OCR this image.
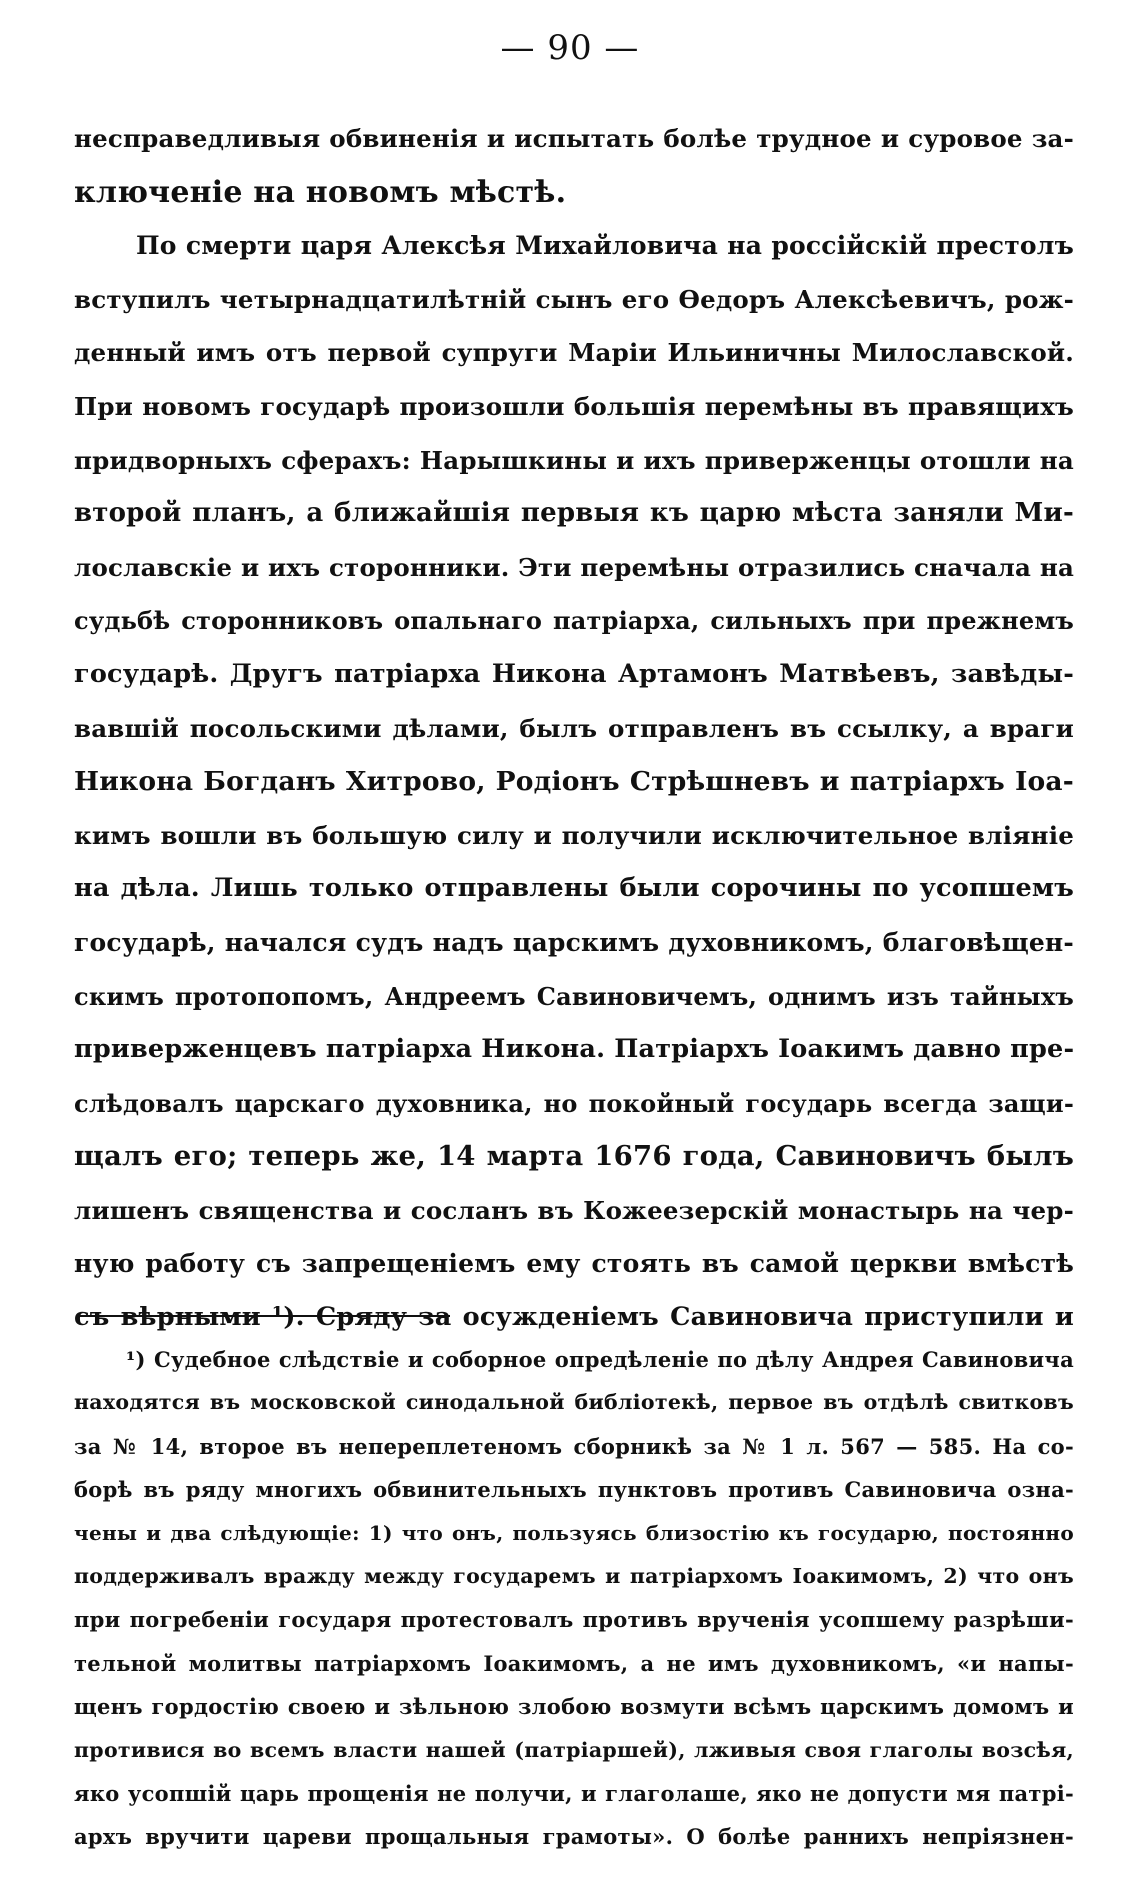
— 90 —
несправедливыя обвиненія и испытать болѣе трудное и суровое за-
ключеніе на новомъ мѣстѣ.
По смерти царя Алексѣя Михайловича на россійскій престолъ
вступилъ четырнадцатилѣтній сынъ его Ѳедоръ Алексѣевичъ, рож-
денный имъ отъ первой супруги Маріи Ильиничны Милославской.
При новомъ государѣ произошли большія перемѣны въ правящихъ
придворныхъ сферахъ: Нарышкины и ихъ приверженцы отошли на
второй планъ, а ближайшія первыя къ царю мѣста заняли Ми-
лославскіе и ихъ сторонники. Эти перемѣны отразились сначала на
судьбѣ сторонниковъ опальнаго патріарха, сильныхъ при прежнемъ
государѣ. Другъ патріарха Никона Артамонъ Матвѣевъ, завѣды-
вавшій посольскими дѣлами, былъ отправленъ въ ссылку, а враги
Никона Богданъ Хитрово, Родіонъ Стрѣшневъ и патріархъ Іоа-
кимъ вошли въ большую силу и получили исключительное вліяніе
на дѣла. Лишь только отправлены были сорочины по усопшемъ
государѣ, начался судъ надъ царскимъ духовникомъ, благовѣщен-
скимъ протопопомъ, Андреемъ Савиновичемъ, однимъ изъ тайныхъ
приверженцевъ патріарха Никона. Патріархъ Іоакимъ давно пре-
слѣдовалъ царскаго духовника, но покойный государь всегда защи-
щалъ его; теперь же, 14 марта 1676 года, Савиновичъ былъ
лишенъ священства и сосланъ въ Кожеезерскій монастырь на чер-
ную работу съ запрещеніемъ ему стоять въ самой церкви вмѣстѣ
съ вѣрными ¹). Сряду за осужденіемъ Савиновича приступили и
¹) Судебное слѣдствіе и соборное опредѣленіе по дѣлу Андрея Савиновича
находятся въ московской синодальной библіотекѣ, первое въ отдѣлѣ свитковъ
за № 14, второе въ непереплетеномъ сборникѣ за № 1 л. 567 — 585. На со-
борѣ въ ряду многихъ обвинительныхъ пунктовъ противъ Савиновича озна-
чены и два слѣдующіе: 1) что онъ, пользуясь близостію къ государю, постоянно
поддерживалъ вражду между государемъ и патріархомъ Іоакимомъ, 2) что онъ
при погребеніи государя протестовалъ противъ врученія усопшему разрѣши-
тельной молитвы патріархомъ Іоакимомъ, а не имъ духовникомъ, «и напы-
щенъ гордостію своею и зѣльною злобою возмути всѣмъ царскимъ домомъ и
противися во всемъ власти нашей (патріаршей), лживыя своя глаголы возсѣя,
яко усопшій царь прощенія не получи, и глаголаше, яко не допусти мя патрі-
архъ вручити цареви прощальныя грамоты». О болѣе раннихъ непріязнен-
